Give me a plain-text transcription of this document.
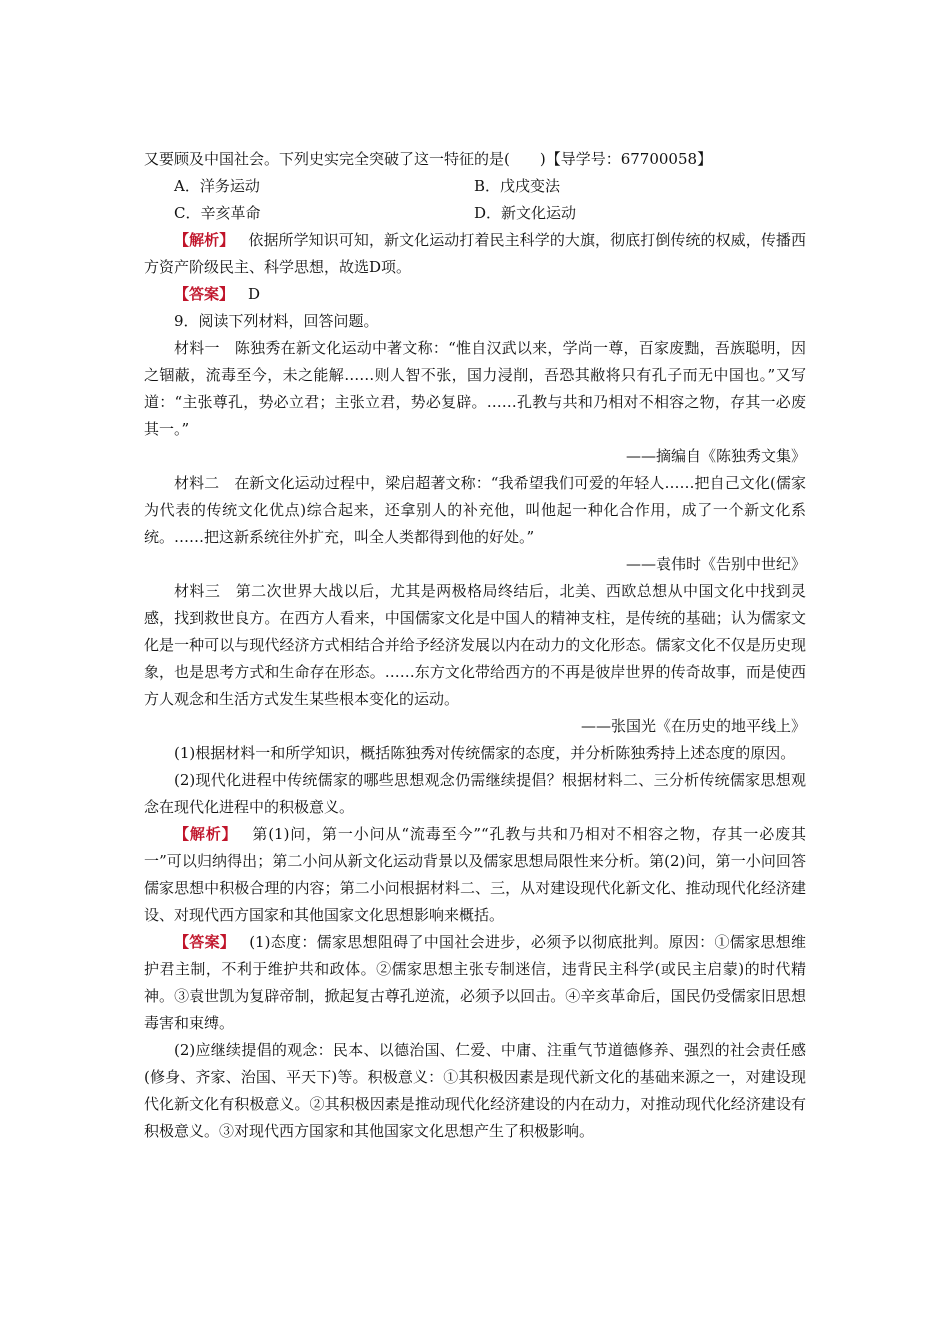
又要顾及中国社会。下列史实完全突破了这一特征的是(　　)【导学号：67700058】

A．洋务运动	B．戊戌变法
C．辛亥革命	D．新文化运动

【解析】 依据所学知识可知，新文化运动打着民主科学的大旗，彻底打倒传统的权威，传播西方资产阶级民主、科学思想，故选D项。

【答案】 D

9．阅读下列材料，回答问题。

材料一　陈独秀在新文化运动中著文称：“惟自汉武以来，学尚一尊，百家废黜，吾族聪明，因之锢蔽，流毒至今，未之能解……则人智不张，国力浸削，吾恐其敝将只有孔子而无中国也。”又写道：“主张尊孔，势必立君；主张立君，势必复辟。……孔教与共和乃相对不相容之物，存其一必废其一。”

——摘编自《陈独秀文集》

材料二　在新文化运动过程中，梁启超著文称：“我希望我们可爱的年轻人……把自己文化(儒家为代表的传统文化优点)综合起来，还拿别人的补充他，叫他起一种化合作用，成了一个新文化系统。……把这新系统往外扩充，叫全人类都得到他的好处。”

——袁伟时《告别中世纪》

材料三　第二次世界大战以后，尤其是两极格局终结后，北美、西欧总想从中国文化中找到灵感，找到救世良方。在西方人看来，中国儒家文化是中国人的精神支柱，是传统的基础；认为儒家文化是一种可以与现代经济方式相结合并给予经济发展以内在动力的文化形态。儒家文化不仅是历史现象，也是思考方式和生命存在形态。……东方文化带给西方的不再是彼岸世界的传奇故事，而是使西方人观念和生活方式发生某些根本变化的运动。

——张国光《在历史的地平线上》

(1)根据材料一和所学知识，概括陈独秀对传统儒家的态度，并分析陈独秀持上述态度的原因。

(2)现代化进程中传统儒家的哪些思想观念仍需继续提倡？根据材料二、三分析传统儒家思想观念在现代化进程中的积极意义。

【解析】 第(1)问，第一小问从“流毒至今”“孔教与共和乃相对不相容之物，存其一必废其一”可以归纳得出；第二小问从新文化运动背景以及儒家思想局限性来分析。第(2)问，第一小问回答儒家思想中积极合理的内容；第二小问根据材料二、三，从对建设现代化新文化、推动现代化经济建设、对现代西方国家和其他国家文化思想影响来概括。

【答案】 (1)态度：儒家思想阻碍了中国社会进步，必须予以彻底批判。原因：①儒家思想维护君主制，不利于维护共和政体。②儒家思想主张专制迷信，违背民主科学(或民主启蒙)的时代精神。③袁世凯为复辟帝制，掀起复古尊孔逆流，必须予以回击。④辛亥革命后，国民仍受儒家旧思想毒害和束缚。

(2)应继续提倡的观念：民本、以德治国、仁爱、中庸、注重气节道德修养、强烈的社会责任感(修身、齐家、治国、平天下)等。积极意义：①其积极因素是现代新文化的基础来源之一，对建设现代化新文化有积极意义。②其积极因素是推动现代化经济建设的内在动力，对推动现代化经济建设有积极意义。③对现代西方国家和其他国家文化思想产生了积极影响。
